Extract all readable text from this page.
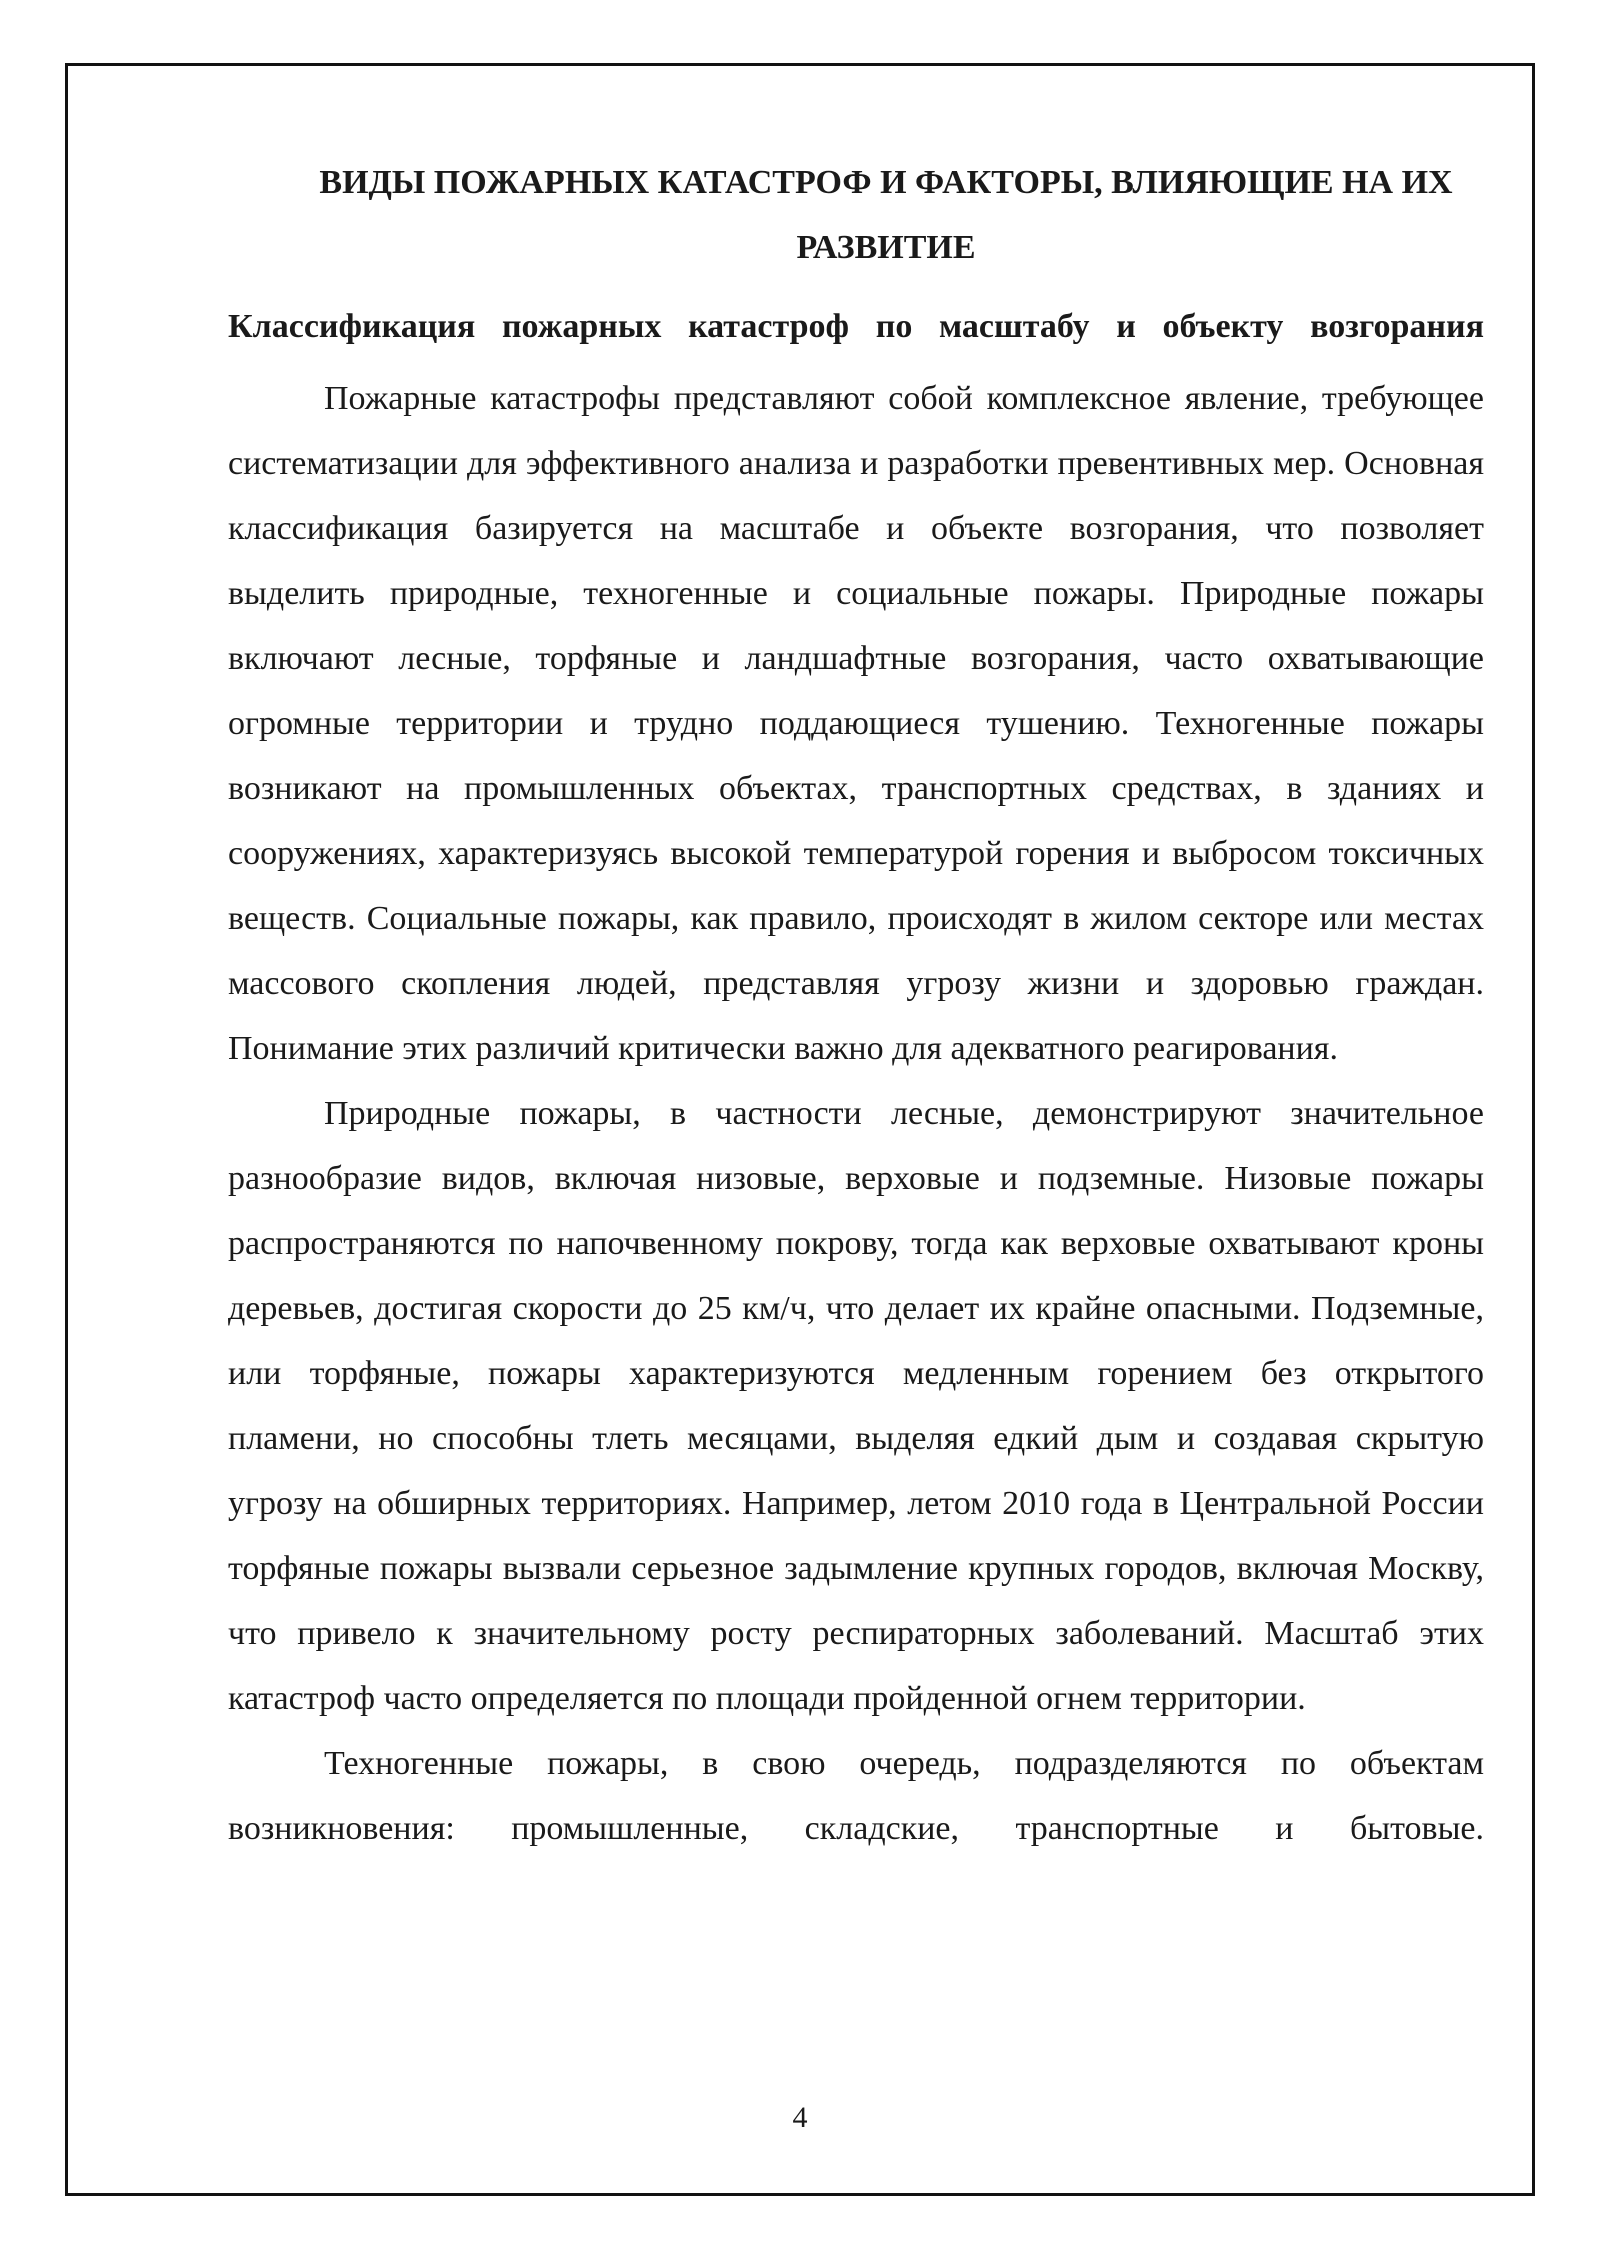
ВИДЫ ПОЖАРНЫХ КАТАСТРОФ И ФАКТОРЫ, ВЛИЯЮЩИЕ НА ИХ РАЗВИТИЕ
Классификация пожарных катастроф по масштабу и объекту возгорания

Пожарные катастрофы представляют собой комплексное явление, требующее систематизации для эффективного анализа и разработки превентивных мер. Основная классификация базируется на масштабе и объекте возгорания, что позволяет выделить природные, техногенные и социальные пожары. Природные пожары включают лесные, торфяные и ландшафтные возгорания, часто охватывающие огромные территории и трудно поддающиеся тушению. Техногенные пожары возникают на промышленных объектах, транспортных средствах, в зданиях и сооружениях, характеризуясь высокой температурой горения и выбросом токсичных веществ. Социальные пожары, как правило, происходят в жилом секторе или местах массового скопления людей, представляя угрозу жизни и здоровью граждан. Понимание этих различий критически важно для адекватного реагирования.

Природные пожары, в частности лесные, демонстрируют значительное разнообразие видов, включая низовые, верховые и подземные. Низовые пожары распространяются по напочвенному покрову, тогда как верховые охватывают кроны деревьев, достигая скорости до 25 км/ч, что делает их крайне опасными. Подземные, или торфяные, пожары характеризуются медленным горением без открытого пламени, но способны тлеть месяцами, выделяя едкий дым и создавая скрытую угрозу на обширных территориях. Например, летом 2010 года в Центральной России торфяные пожары вызвали серьезное задымление крупных городов, включая Москву, что привело к значительному росту респираторных заболеваний. Масштаб этих катастроф часто определяется по площади пройденной огнем территории.

Техногенные пожары, в свою очередь, подразделяются по объектам возникновения: промышленные, складские, транспортные и бытовые.

4
